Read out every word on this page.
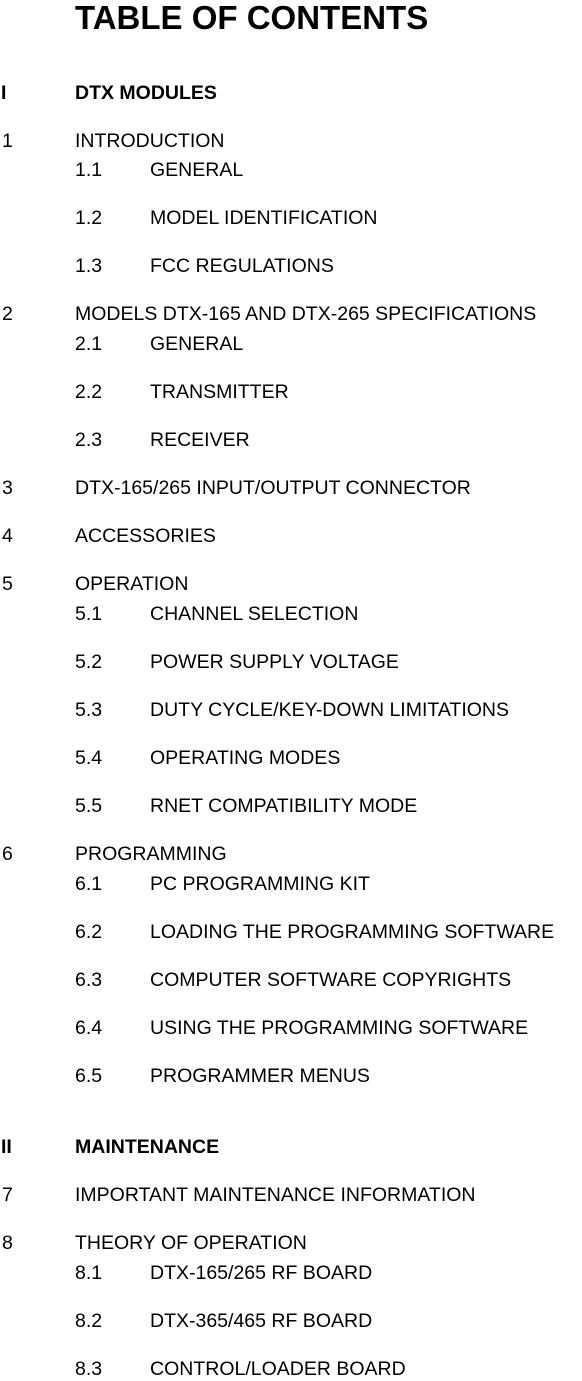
TABLE OF CONTENTS
I	DTX MODULES
1	INTRODUCTION
1.1 GENERAL
1.2 MODEL IDENTIFICATION
1.3 FCC REGULATIONS
2	MODELS DTX-165 AND DTX-265 SPECIFICATIONS
2.1 GENERAL
2.2 TRANSMITTER
2.3 RECEIVER
3	DTX-165/265 INPUT/OUTPUT CONNECTOR
4	ACCESSORIES
5	OPERATION
5.1 CHANNEL SELECTION
5.2 POWER SUPPLY VOLTAGE
5.3 DUTY CYCLE/KEY-DOWN LIMITATIONS
5.4 OPERATING MODES
5.5 RNET COMPATIBILITY MODE
6	PROGRAMMING
6.1 PC PROGRAMMING KIT
6.2 LOADING THE PROGRAMMING SOFTWARE
6.3 COMPUTER SOFTWARE COPYRIGHTS
6.4 USING THE PROGRAMMING SOFTWARE
6.5 PROGRAMMER MENUS
II	MAINTENANCE
7	IMPORTANT MAINTENANCE INFORMATION
8	THEORY OF OPERATION
8.1 DTX-165/265 RF BOARD
8.2 DTX-365/465 RF BOARD
8.3 CONTROL/LOADER BOARD
